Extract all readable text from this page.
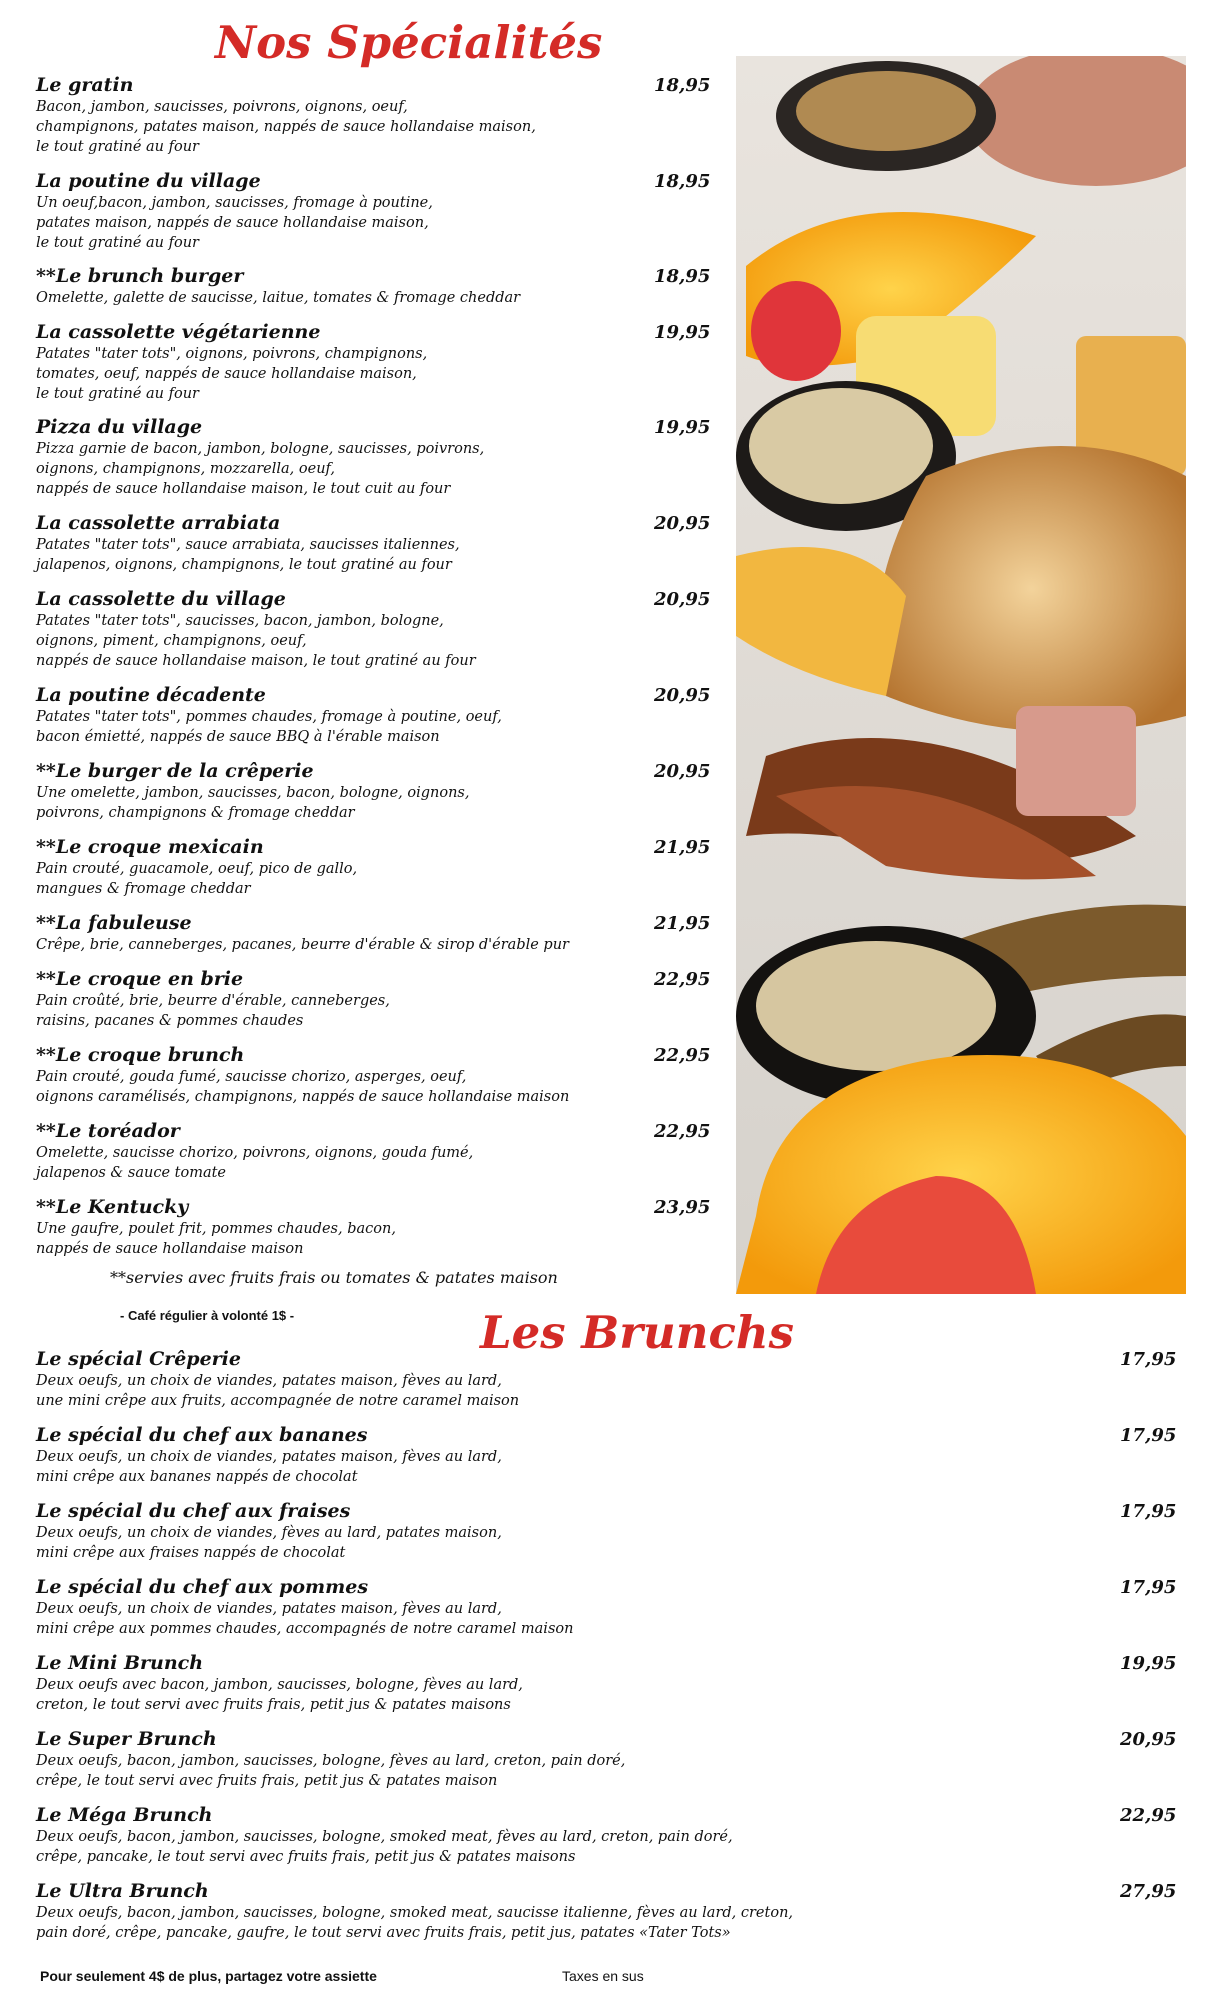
Nos Spécialités
Le gratin
Bacon, jambon, saucisses, poivrons, oignons, oeuf,
champignons, patates maison, nappés de sauce hollandaise maison,
le tout gratiné au four
18,95
La poutine du village
Un oeuf,bacon, jambon, saucisses, fromage à poutine,
patates maison, nappés de sauce hollandaise maison,
le tout gratiné au four
18,95
**Le brunch burger
Omelette, galette de saucisse, laitue, tomates & fromage cheddar
18,95
La cassolette végétarienne
Patates "tater tots", oignons, poivrons, champignons,
tomates, oeuf, nappés de sauce hollandaise maison,
le tout gratiné au four
19,95
Pizza du village
Pizza garnie de bacon, jambon, bologne, saucisses, poivrons,
oignons, champignons, mozzarella, oeuf,
nappés de sauce hollandaise maison, le tout cuit au four
19,95
La cassolette arrabiata
Patates "tater tots", sauce arrabiata, saucisses italiennes,
jalapenos, oignons, champignons, le tout gratiné au four
20,95
La cassolette du village
Patates "tater tots", saucisses, bacon, jambon, bologne,
oignons, piment, champignons, oeuf,
nappés de sauce hollandaise maison, le tout gratiné au four
20,95
La poutine décadente
Patates "tater tots", pommes chaudes, fromage à poutine, oeuf,
bacon émietté, nappés de sauce BBQ à l'érable maison
20,95
**Le burger de la crêperie
Une omelette, jambon, saucisses, bacon, bologne, oignons,
poivrons, champignons & fromage cheddar
20,95
**Le croque mexicain
Pain crouté, guacamole, oeuf, pico de gallo,
mangues & fromage cheddar
21,95
**La fabuleuse
Crêpe, brie, canneberges, pacanes, beurre d'érable & sirop d'érable pur
21,95
**Le croque en brie
Pain croûté, brie, beurre d'érable, canneberges,
raisins, pacanes & pommes chaudes
22,95
**Le croque brunch
Pain crouté, gouda fumé, saucisse chorizo, asperges, oeuf,
oignons caramélisés, champignons, nappés de sauce hollandaise maison
22,95
**Le toréador
Omelette, saucisse chorizo, poivrons, oignons, gouda fumé,
jalapenos & sauce tomate
22,95
**Le Kentucky
Une gaufre, poulet frit, pommes chaudes, bacon,
nappés de sauce hollandaise maison
23,95
**servies avec fruits frais ou tomates & patates maison
- Café régulier à volonté 1$ -	Les Brunchs
Le spécial Crêperie
Deux oeufs, un choix de viandes, patates maison, fèves au lard,
une mini crêpe aux fruits, accompagnée de notre caramel maison
17,95
Le spécial du chef aux bananes
Deux oeufs, un choix de viandes, patates maison, fèves au lard,
mini crêpe aux bananes nappés de chocolat
17,95
Le spécial du chef aux fraises
Deux oeufs, un choix de viandes, fèves au lard, patates maison,
mini crêpe aux fraises nappés de chocolat
17,95
Le spécial du chef aux pommes
Deux oeufs, un choix de viandes, patates maison, fèves au lard,
mini crêpe aux pommes chaudes, accompagnés de notre caramel maison
17,95
Le Mini Brunch
Deux oeufs avec bacon, jambon, saucisses, bologne, fèves au lard,
creton, le tout servi avec fruits frais, petit jus & patates maisons
19,95
Le Super Brunch
Deux oeufs, bacon, jambon, saucisses, bologne, fèves au lard, creton, pain doré,
crêpe, le tout servi avec fruits frais, petit jus & patates maison
20,95
Le Méga Brunch
Deux oeufs, bacon, jambon, saucisses, bologne, smoked meat, fèves au lard, creton, pain doré,
crêpe, pancake, le tout servi avec fruits frais, petit jus & patates maisons
22,95
Le Ultra Brunch
Deux oeufs, bacon, jambon, saucisses, bologne, smoked meat, saucisse italienne, fèves au lard, creton,
pain doré, crêpe, pancake, gaufre, le tout servi avec fruits frais, petit jus, patates «Tater Tots»
27,95
Pour seulement 4$ de plus, partagez votre assiette	Taxes en sus
